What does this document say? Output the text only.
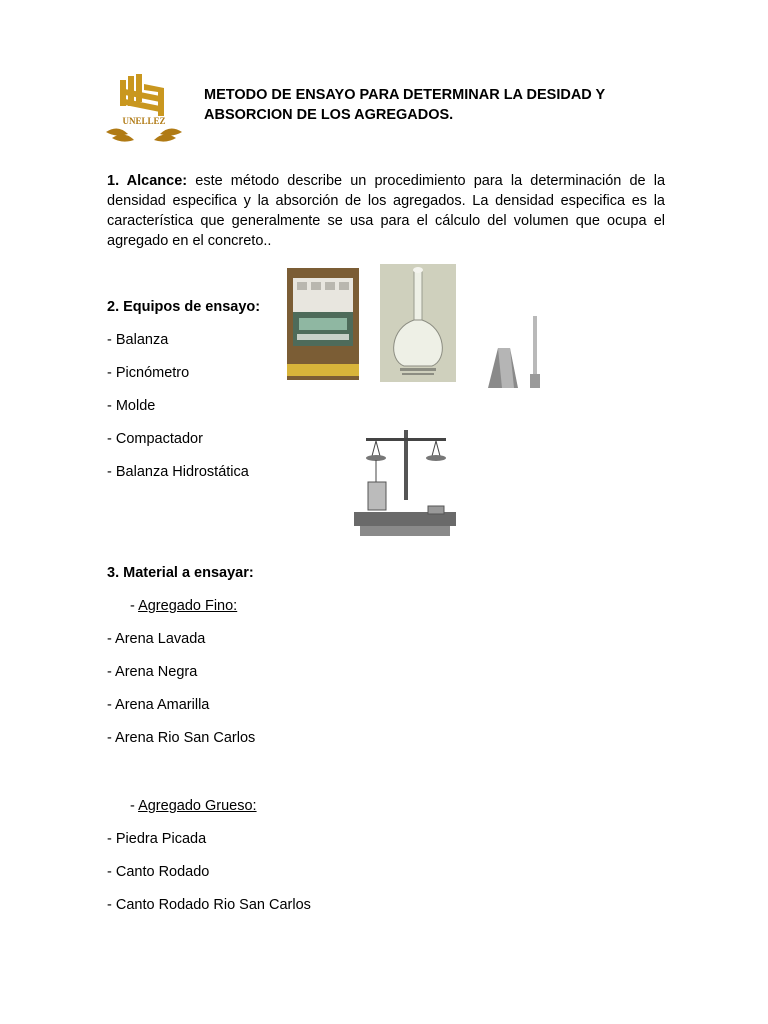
UNELLEZ
METODO DE ENSAYO PARA DETERMINAR LA DESIDAD Y
ABSORCION DE LOS AGREGADOS.
1. Alcance: este método describe un procedimiento para la determinación de la
densidad especifica y la absorción de los agregados. La densidad especifica es la
característica que generalmente se usa para el cálculo del volumen que ocupa el
agregado en el concreto..
2. Equipos de ensayo:
- Balanza
- Picnómetro
- Molde
- Compactador
- Balanza Hidrostática
3. Material a ensayar:
- Agregado Fino:
- Arena Lavada
- Arena Negra
- Arena Amarilla
- Arena Rio San Carlos
- Agregado Grueso:
- Piedra Picada
- Canto Rodado
- Canto Rodado Rio San Carlos
